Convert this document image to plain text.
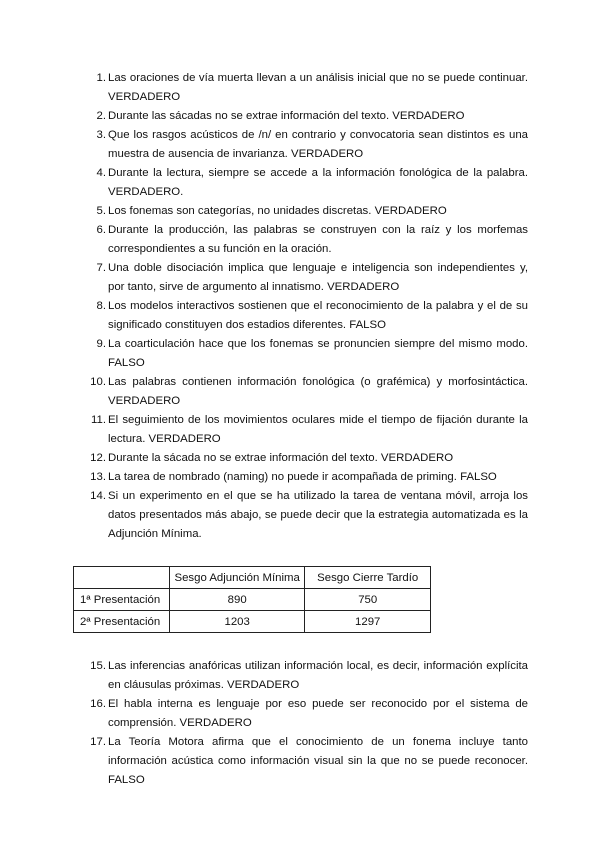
1. Las oraciones de vía muerta llevan a un análisis inicial que no se puede continuar. VERDADERO
2. Durante las sácadas no se extrae información del texto. VERDADERO
3. Que los rasgos acústicos de /n/ en contrario y convocatoria sean distintos es una muestra de ausencia de invarianza. VERDADERO
4. Durante la lectura, siempre se accede a la información fonológica de la palabra. VERDADERO.
5. Los fonemas son categorías, no unidades discretas. VERDADERO
6. Durante la producción, las palabras se construyen con la raíz y los morfemas correspondientes a su función en la oración.
7. Una doble disociación implica que lenguaje e inteligencia son independientes y, por tanto, sirve de argumento al innatismo. VERDADERO
8. Los modelos interactivos sostienen que el reconocimiento de la palabra y el de su significado constituyen dos estadios diferentes. FALSO
9. La coarticulación hace que los fonemas se pronuncien siempre del mismo modo. FALSO
10. Las palabras contienen información fonológica (o grafémica) y morfosintáctica. VERDADERO
11. El seguimiento de los movimientos oculares mide el tiempo de fijación durante la lectura. VERDADERO
12. Durante la sácada no se extrae información del texto. VERDADERO
13. La tarea de nombrado (naming) no puede ir acompañada de priming. FALSO
14. Si un experimento en el que se ha utilizado la tarea de ventana móvil, arroja los datos presentados más abajo, se puede decir que la estrategia automatizada es la Adjunción Mínima.
	Sesgo Adjunción Mínima	Sesgo Cierre Tardío
1ª Presentación	890	750
2ª Presentación	1203	1297
15. Las inferencias anafóricas utilizan información local, es decir, información explícita en cláusulas próximas. VERDADERO
16. El habla interna es lenguaje por eso puede ser reconocido por el sistema de comprensión. VERDADERO
17. La Teoría Motora afirma que el conocimiento de un fonema incluye tanto información acústica como información visual sin la que no se puede reconocer. FALSO
